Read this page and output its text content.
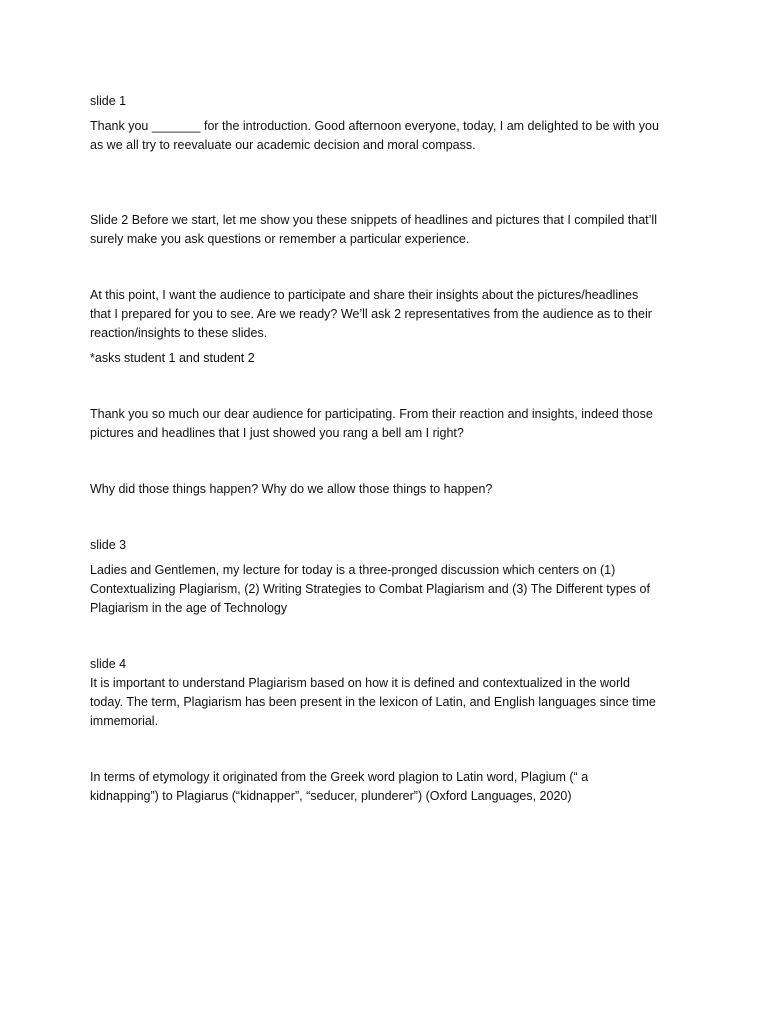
slide 1

Thank you _______ for the introduction. Good afternoon everyone, today, I am delighted to be with you
as we all try to reevaluate our academic decision and moral compass.

Slide 2 Before we start, let me show you these snippets of headlines and pictures that I compiled that’ll
surely make you ask questions or remember a particular experience.

At this point, I want the audience to participate and share their insights about the pictures/headlines
that I prepared for you to see. Are we ready? We’ll ask 2 representatives from the audience as to their
reaction/insights to these slides.

*asks student 1 and student 2

Thank you so much our dear audience for participating. From their reaction and insights, indeed those
pictures and headlines that I just showed you rang a bell am I right?

Why did those things happen? Why do we allow those things to happen?

slide 3

Ladies and Gentlemen, my lecture for today is a three-pronged discussion which centers on (1)
Contextualizing Plagiarism, (2) Writing Strategies to Combat Plagiarism and (3) The Different types of
Plagiarism in the age of Technology

slide 4
It is important to understand Plagiarism based on how it is defined and contextualized in the world
today. The term, Plagiarism has been present in the lexicon of Latin, and English languages since time
immemorial.

In terms of etymology it originated from the Greek word plagion to Latin word, Plagium (“ a
kidnapping”) to Plagiarus (“kidnapper”, “seducer, plunderer”) (Oxford Languages, 2020)
